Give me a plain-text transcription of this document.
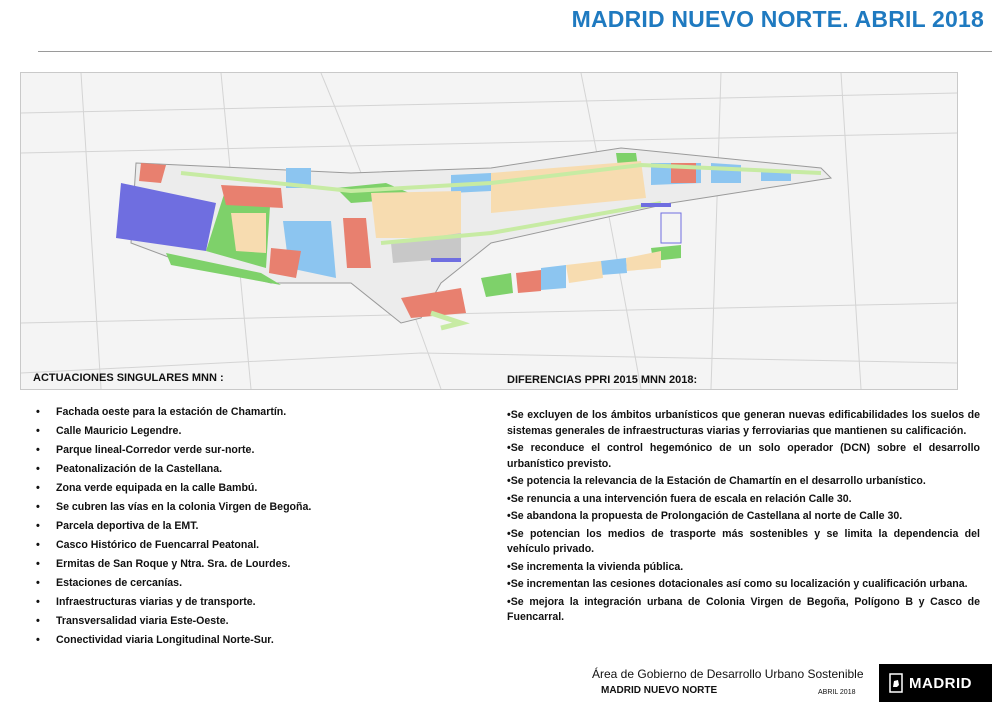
MADRID NUEVO NORTE. ABRIL 2018
ACTUACIONES SINGULARES MNN :	DIFERENCIAS PPRI 2015 MNN 2018:
• Fachada oeste para la estación de Chamartín.
• Calle Mauricio Legendre.
• Parque lineal-Corredor verde sur-norte.
• Peatonalización de la Castellana.
• Zona verde equipada en la calle Bambú.
• Se cubren las vías en la colonia Virgen de Begoña.
• Parcela deportiva de la EMT.
• Casco Histórico de Fuencarral Peatonal.
• Ermitas de San Roque y Ntra. Sra. de Lourdes.
• Estaciones de cercanías.
• Infraestructuras viarias y de transporte.
• Transversalidad viaria Este-Oeste.
• Conectividad viaria Longitudinal Norte-Sur.
•Se excluyen de los ámbitos urbanísticos que generan nuevas edificabilidades los suelos de sistemas generales de infraestructuras viarias y ferroviarias que mantienen su calificación.
•Se reconduce el control hegemónico de un solo operador (DCN) sobre el desarrollo urbanístico previsto.
•Se potencia la relevancia de la Estación de Chamartín en el desarrollo urbanístico.
•Se renuncia a una intervención fuera de escala en relación Calle 30.
•Se abandona la propuesta de Prolongación de Castellana al norte de Calle 30.
•Se potencian los medios de trasporte más sostenibles y se limita la dependencia del vehículo privado.
•Se incrementa la vivienda pública.
•Se incrementan las cesiones dotacionales así como su localización y cualificación urbana.
•Se mejora la integración urbana de Colonia Virgen de Begoña, Polígono B y Casco de Fuencarral.
Área de Gobierno de Desarrollo Urbano Sostenible
MADRID NUEVO NORTE	ABRIL 2018
MADRID
